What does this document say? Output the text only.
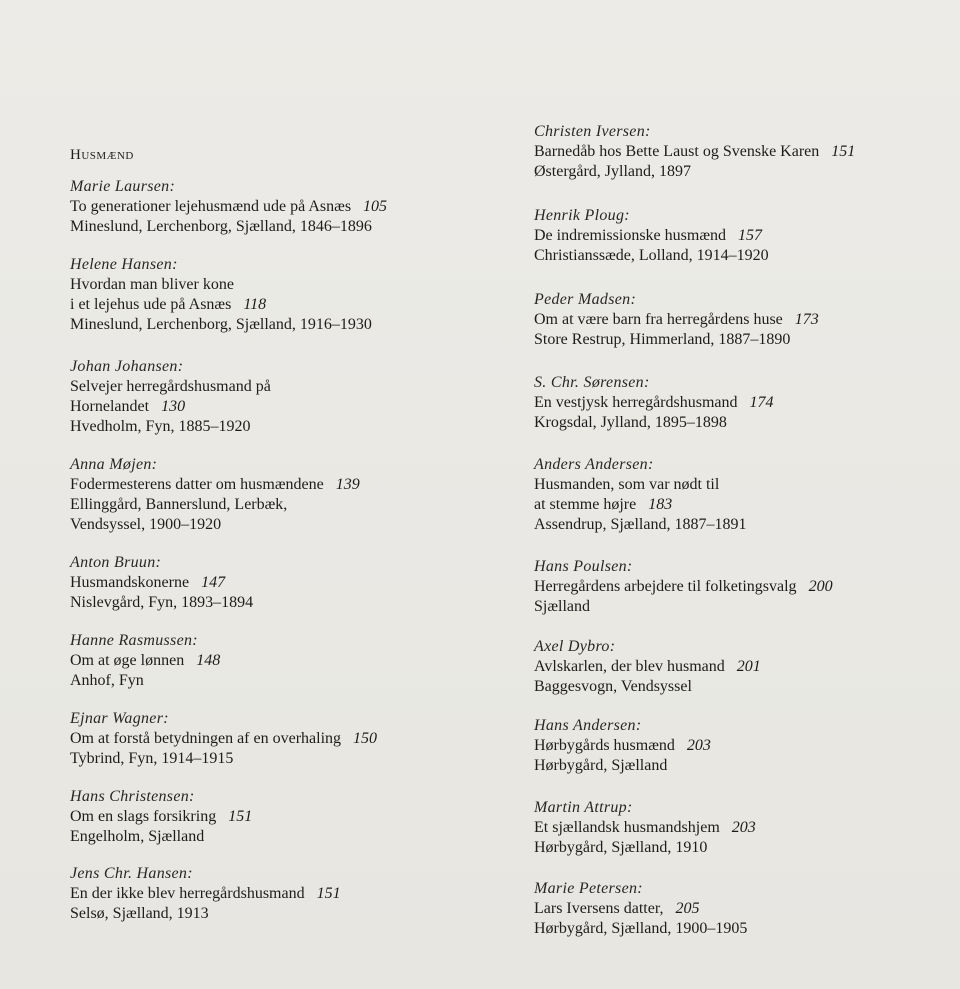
Husmænd
Marie Laursen:
To generationer lejehusmænd ude på Asnæs 105
Mineslund, Lerchenborg, Sjælland, 1846–1896
Helene Hansen:
Hvordan man bliver kone
i et lejehus ude på Asnæs 118
Mineslund, Lerchenborg, Sjælland, 1916–1930
Johan Johansen:
Selvejer herregårdshusmand på
Hornelandet 130
Hvedholm, Fyn, 1885–1920
Anna Møjen:
Fodermesterens datter om husmændene 139
Ellinggård, Bannerslund, Lerbæk,
Vendsyssel, 1900–1920
Anton Bruun:
Husmandskonerne 147
Nislevgård, Fyn, 1893–1894
Hanne Rasmussen:
Om at øge lønnen 148
Anhof, Fyn
Ejnar Wagner:
Om at forstå betydningen af en overhaling 150
Tybrind, Fyn, 1914–1915
Hans Christensen:
Om en slags forsikring 151
Engelholm, Sjælland
Jens Chr. Hansen:
En der ikke blev herregårdshusmand 151
Selsø, Sjælland, 1913
Christen Iversen:
Barnedåb hos Bette Laust og Svenske Karen 151
Østergård, Jylland, 1897
Henrik Ploug:
De indremissionske husmænd 157
Christianssæde, Lolland, 1914–1920
Peder Madsen:
Om at være barn fra herregårdens huse 173
Store Restrup, Himmerland, 1887–1890
S. Chr. Sørensen:
En vestjysk herregårdshusmand 174
Krogsdal, Jylland, 1895–1898
Anders Andersen:
Husmanden, som var nødt til
at stemme højre 183
Assendrup, Sjælland, 1887–1891
Hans Poulsen:
Herregårdens arbejdere til folketingsvalg 200
Sjælland
Axel Dybro:
Avlskarlen, der blev husmand 201
Baggesvogn, Vendsyssel
Hans Andersen:
Hørbygårds husmænd 203
Hørbygård, Sjælland
Martin Attrup:
Et sjællandsk husmandshjem 203
Hørbygård, Sjælland, 1910
Marie Petersen:
Lars Iversens datter, 205
Hørbygård, Sjælland, 1900–1905
